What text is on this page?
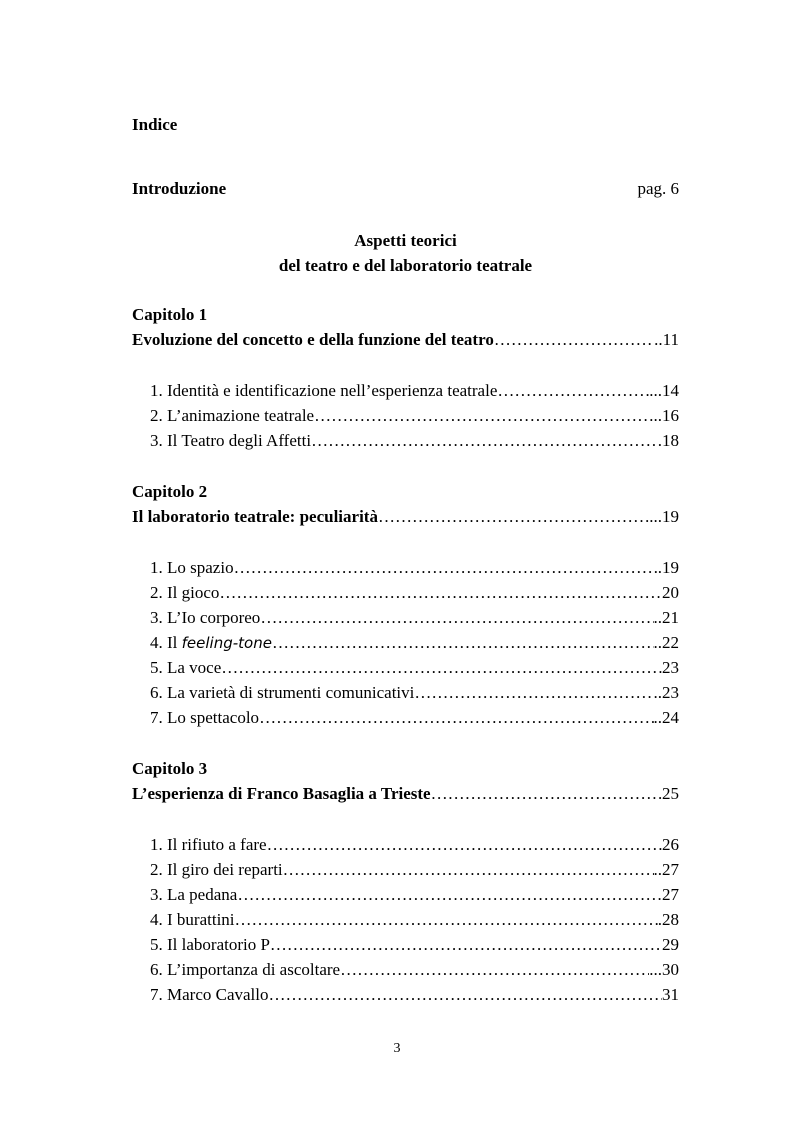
Indice
Introduzione	pag. 6
Aspetti teorici
del teatro e del laboratorio teatrale
Capitolo 1
Evoluzione del concetto e della funzione del teatro ………………………………………………………………………………………………………………………………………………………………	..11
1. Identità e identificazione nell’esperienza teatrale ………………………………………………………………………………………………………………………………………………………………	...14
2. L’animazione teatrale ………………………………………………………………………………………………………………………………………………………………	..16
3. Il Teatro degli Affetti ………………………………………………………………………………………………………………………………………………………………	.18
Capitolo 2
Il laboratorio teatrale: peculiarità ………………………………………………………………………………………………………………………………………………………………	...19
1. Lo spazio ………………………………………………………………………………………………………………………………………………………………	.19
2. Il gioco ………………………………………………………………………………………………………………………………………………………………	20
3. L’Io corporeo ………………………………………………………………………………………………………………………………………………………………	..21
4. Il feeling-tone ………………………………………………………………………………………………………………………………………………………………	..22
5. La voce ………………………………………………………………………………………………………………………………………………………………	23
6. La varietà di strumenti comunicativi ………………………………………………………………………………………………………………………………………………………………	..23
7. Lo spettacolo ………………………………………………………………………………………………………………………………………………………………	..24
Capitolo 3
L’esperienza di Franco Basaglia a Trieste ………………………………………………………………………………………………………………………………………………………………	25
1. Il rifiuto a fare ………………………………………………………………………………………………………………………………………………………………	26
2. Il giro dei reparti ………………………………………………………………………………………………………………………………………………………………	..27
3. La pedana ………………………………………………………………………………………………………………………………………………………………	27
4. I burattini ………………………………………………………………………………………………………………………………………………………………	.28
5. Il laboratorio P ………………………………………………………………………………………………………………………………………………………………	29
6. L’importanza di ascoltare ………………………………………………………………………………………………………………………………………………………………	...30
7. Marco Cavallo ………………………………………………………………………………………………………………………………………………………………	31
3
